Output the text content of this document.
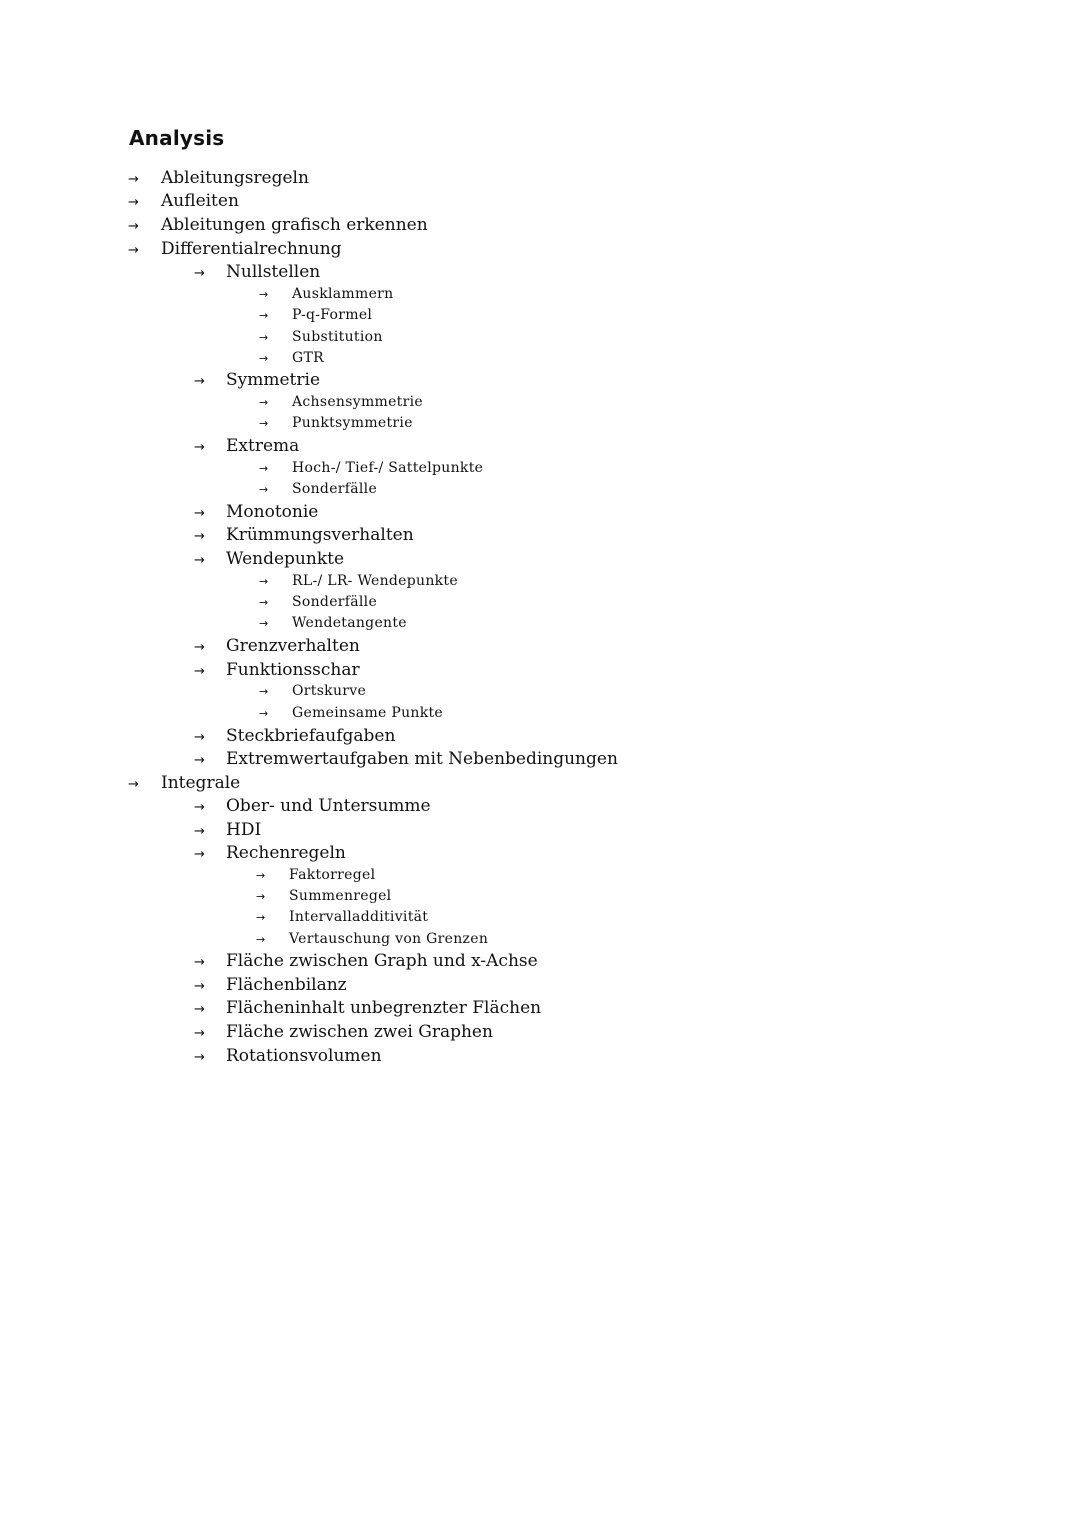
Analysis
→	Ableitungsregeln
→	Aufleiten
→	Ableitungen grafisch erkennen
→	Differentialrechnung
→	Nullstellen
→	Ausklammern
→	P-q-Formel
→	Substitution
→	GTR
→	Symmetrie
→	Achsensymmetrie
→	Punktsymmetrie
→	Extrema
→	Hoch-/ Tief-/ Sattelpunkte
→	Sonderfälle
→	Monotonie
→	Krümmungsverhalten
→	Wendepunkte
→	RL-/ LR- Wendepunkte
→	Sonderfälle
→	Wendetangente
→	Grenzverhalten
→	Funktionsschar
→	Ortskurve
→	Gemeinsame Punkte
→	Steckbriefaufgaben
→	Extremwertaufgaben mit Nebenbedingungen
→	Integrale
→	Ober- und Untersumme
→	HDI
→	Rechenregeln
→	Faktorregel
→	Summenregel
→	Intervalladditivität
→	Vertauschung von Grenzen
→	Fläche zwischen Graph und x-Achse
→	Flächenbilanz
→	Flächeninhalt unbegrenzter Flächen
→	Fläche zwischen zwei Graphen
→	Rotationsvolumen
